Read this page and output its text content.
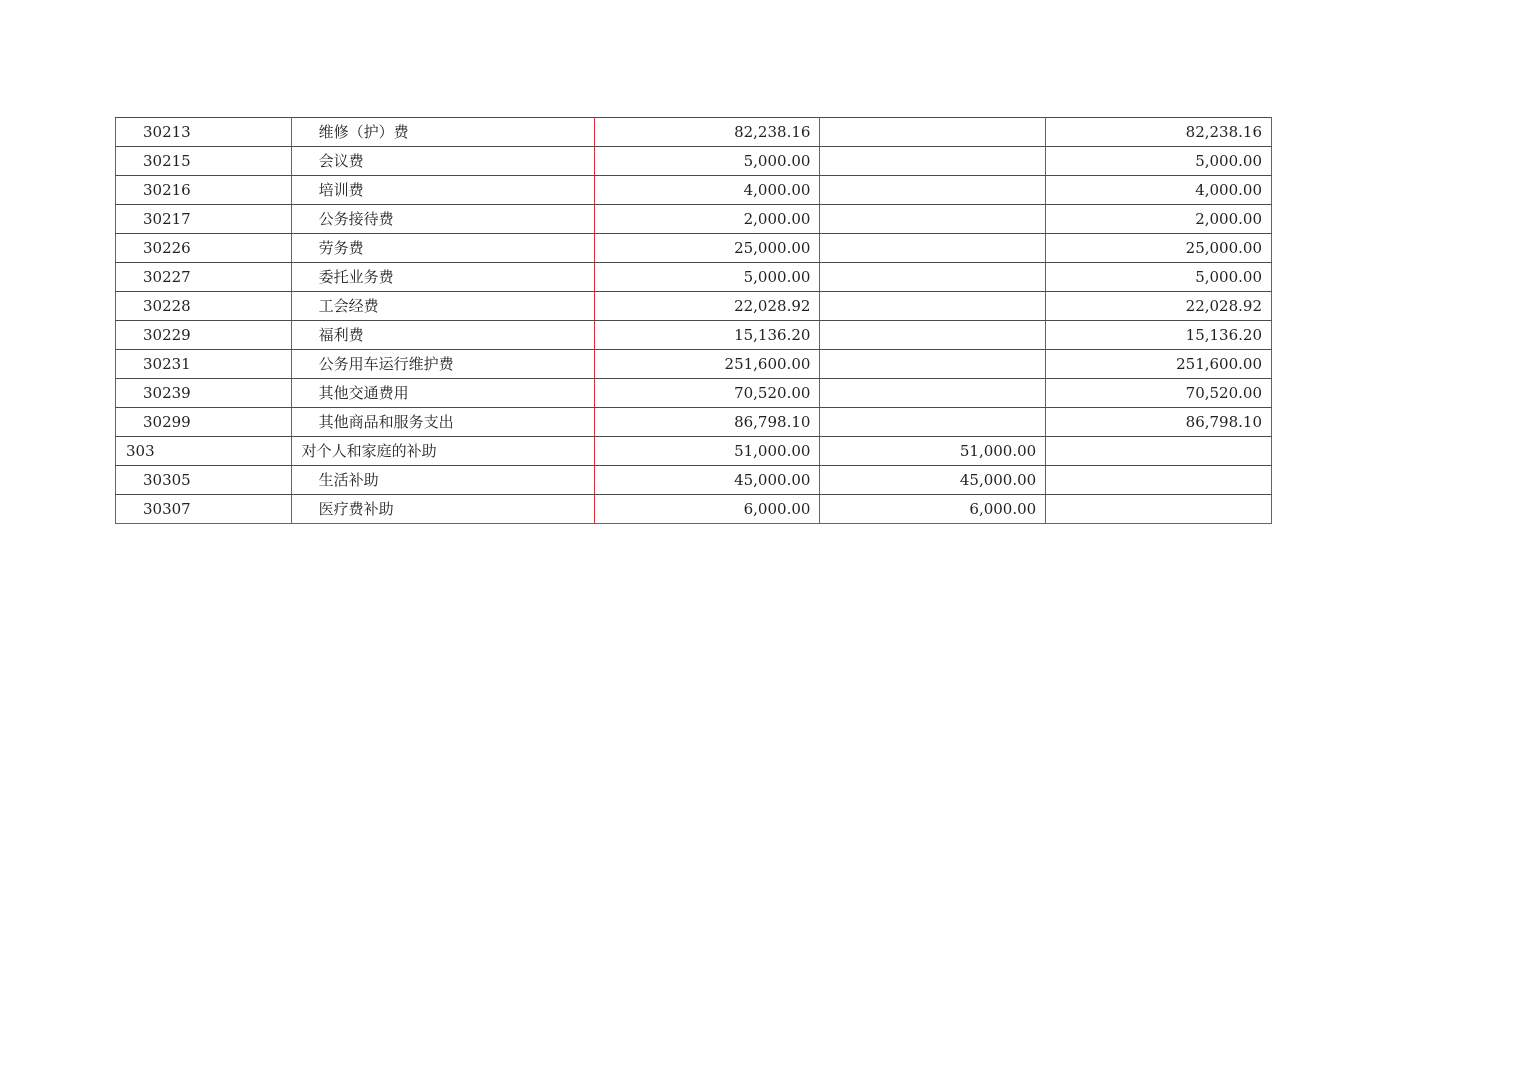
30213	维修（护）费	82,238.16		82,238.16
30215	会议费	5,000.00		5,000.00
30216	培训费	4,000.00		4,000.00
30217	公务接待费	2,000.00		2,000.00
30226	劳务费	25,000.00		25,000.00
30227	委托业务费	5,000.00		5,000.00
30228	工会经费	22,028.92		22,028.92
30229	福利费	15,136.20		15,136.20
30231	公务用车运行维护费	251,600.00		251,600.00
30239	其他交通费用	70,520.00		70,520.00
30299	其他商品和服务支出	86,798.10		86,798.10
303	对个人和家庭的补助	51,000.00	51,000.00	
30305	生活补助	45,000.00	45,000.00	
30307	医疗费补助	6,000.00	6,000.00	
